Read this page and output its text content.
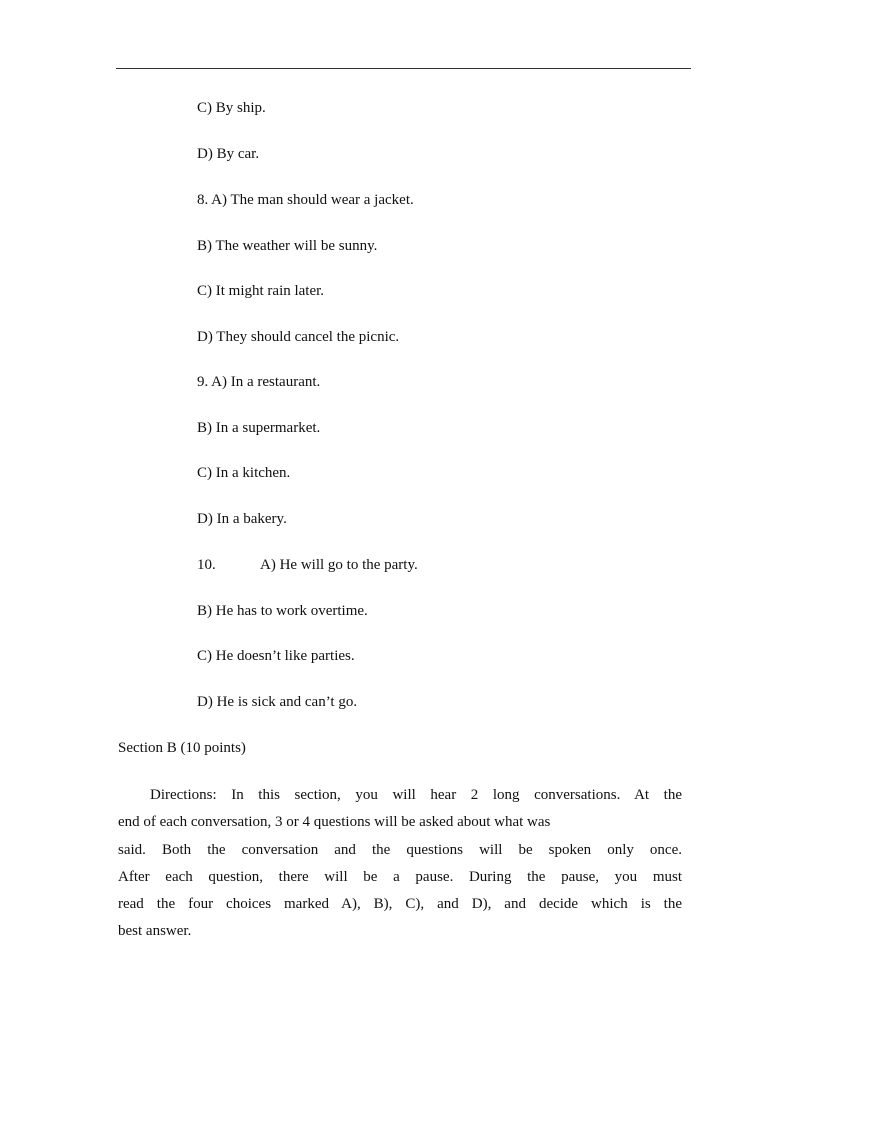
C) By ship.
D) By car.
8. A) The man should wear a jacket.
B) The weather will be sunny.
C) It might rain later.
D) They should cancel the picnic.
9. A) In a restaurant.
B) In a supermarket.
C) In a kitchen.
D) In a bakery.
10.	A) He will go to the party.
B) He has to work overtime.
C) He doesn’t like parties.
D) He is sick and can’t go.
Section B (10 points)
Directions: In this section, you will hear 2 long conversations. At the
end of each conversation, 3 or 4 questions will be asked about what was
said. Both the conversation and the questions will be spoken only once.
After each question, there will be a pause. During the pause, you must
read the four choices marked A), B), C), and D), and decide which is the
best answer.
